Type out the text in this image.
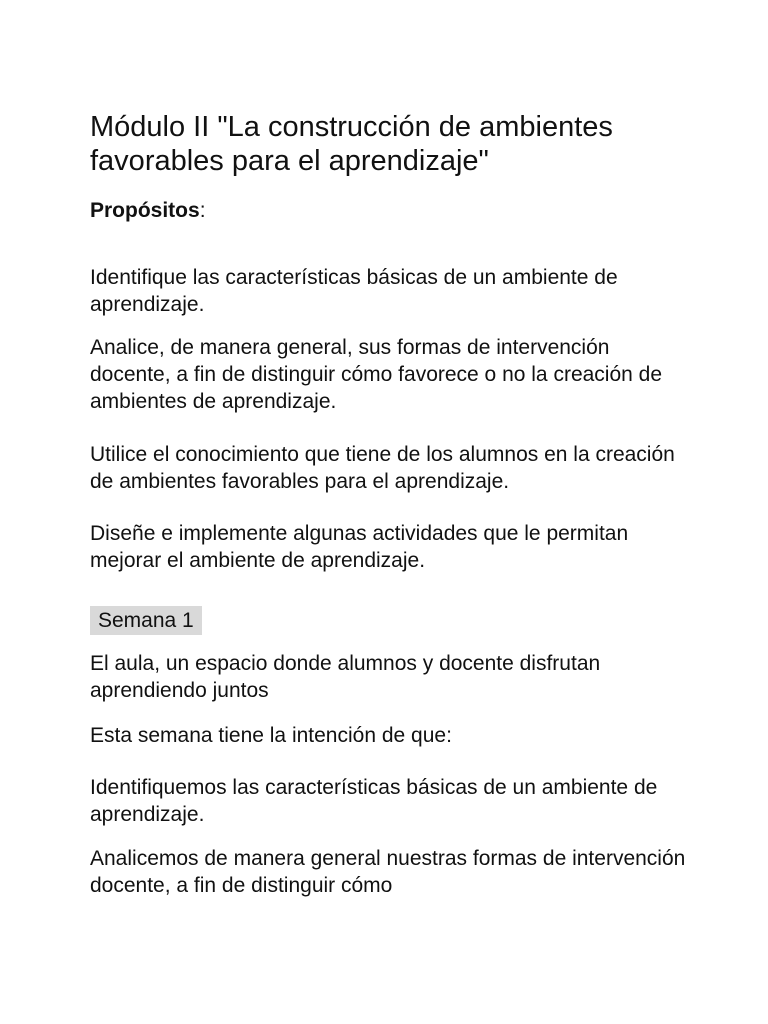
Módulo II "La construcción de ambientes favorables para el aprendizaje"

Propósitos:

Identifique las características básicas de un ambiente de aprendizaje.

Analice, de manera general, sus formas de intervención docente, a fin de distinguir cómo favorece o no la creación de ambientes de aprendizaje.

Utilice el conocimiento que tiene de los alumnos en la creación de ambientes favorables para el aprendizaje.

Diseñe e implemente algunas actividades que le permitan mejorar el ambiente de aprendizaje.

Semana 1

El aula, un espacio donde alumnos y docente disfrutan aprendiendo juntos

Esta semana tiene la intención de que:

Identifiquemos las características básicas de un ambiente de aprendizaje.

Analicemos de manera general nuestras formas de intervención docente, a fin de distinguir cómo
